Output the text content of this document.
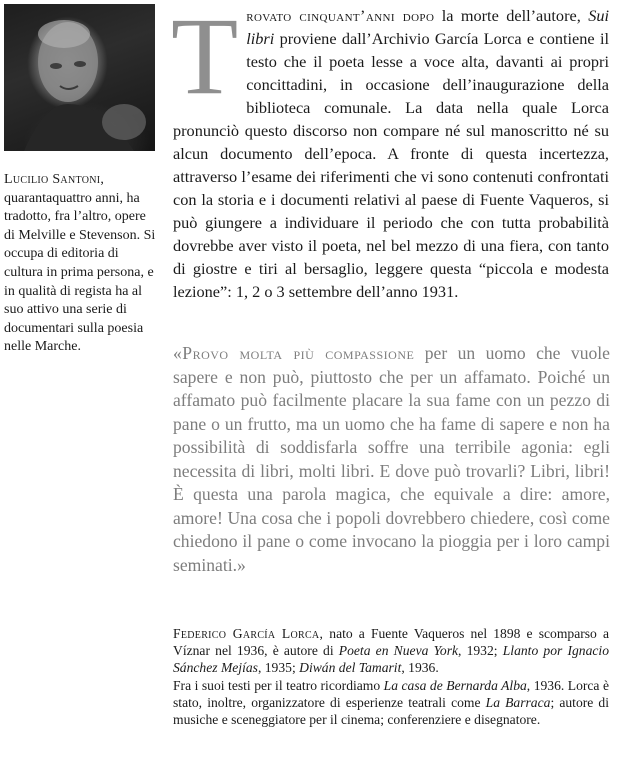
Lucilio Santoni, quarantaquattro anni, ha tradotto, fra l’altro, opere di Melville e Stevenson. Si occupa di editoria di cultura in prima persona, e in qualità di regista ha al suo attivo una serie di documentari sulla poesia nelle Marche.

Trovato cinquant’anni dopo la morte dell’autore, Sui libri proviene dall’Archivio García Lorca e contiene il testo che il poeta lesse a voce alta, davanti ai propri concittadini, in occasione dell’inaugurazione della biblioteca comunale. La data nella quale Lorca pronunciò questo discorso non compare né sul manoscritto né su alcun documento dell’epoca. A fronte di questa incertezza, attraverso l’esame dei riferimenti che vi sono contenuti confrontati con la storia e i documenti relativi al paese di Fuente Vaqueros, si può giungere a individuare il periodo che con tutta probabilità dovrebbe aver visto il poeta, nel bel mezzo di una fiera, con tanto di giostre e tiri al bersaglio, leggere questa “piccola e modesta lezione”: 1, 2 o 3 settembre dell’anno 1931.

«Provo molta più compassione per un uomo che vuole sapere e non può, piuttosto che per un affamato. Poiché un affamato può facilmente placare la sua fame con un pezzo di pane o un frutto, ma un uomo che ha fame di sapere e non ha possibilità di soddisfarla soffre una terribile agonia: egli necessita di libri, molti libri. E dove può trovarli? Libri, libri! È questa una parola magica, che equivale a dire: amore, amore! Una cosa che i popoli dovrebbero chiedere, così come chiedono il pane o come invocano la pioggia per i loro campi seminati.»
Federico García Lorca, nato a Fuente Vaqueros nel 1898 e scomparso a Víznar nel 1936, è autore di Poeta en Nueva York, 1932; Llanto por Ignacio Sánchez Mejías, 1935; Diwán del Tamarit, 1936.
Fra i suoi testi per il teatro ricordiamo La casa de Bernarda Alba, 1936. Lorca è stato, inoltre, organizzatore di esperienze teatrali come La Barraca; autore di musiche e sceneggiatore per il cinema; conferenziere e disegnatore.
